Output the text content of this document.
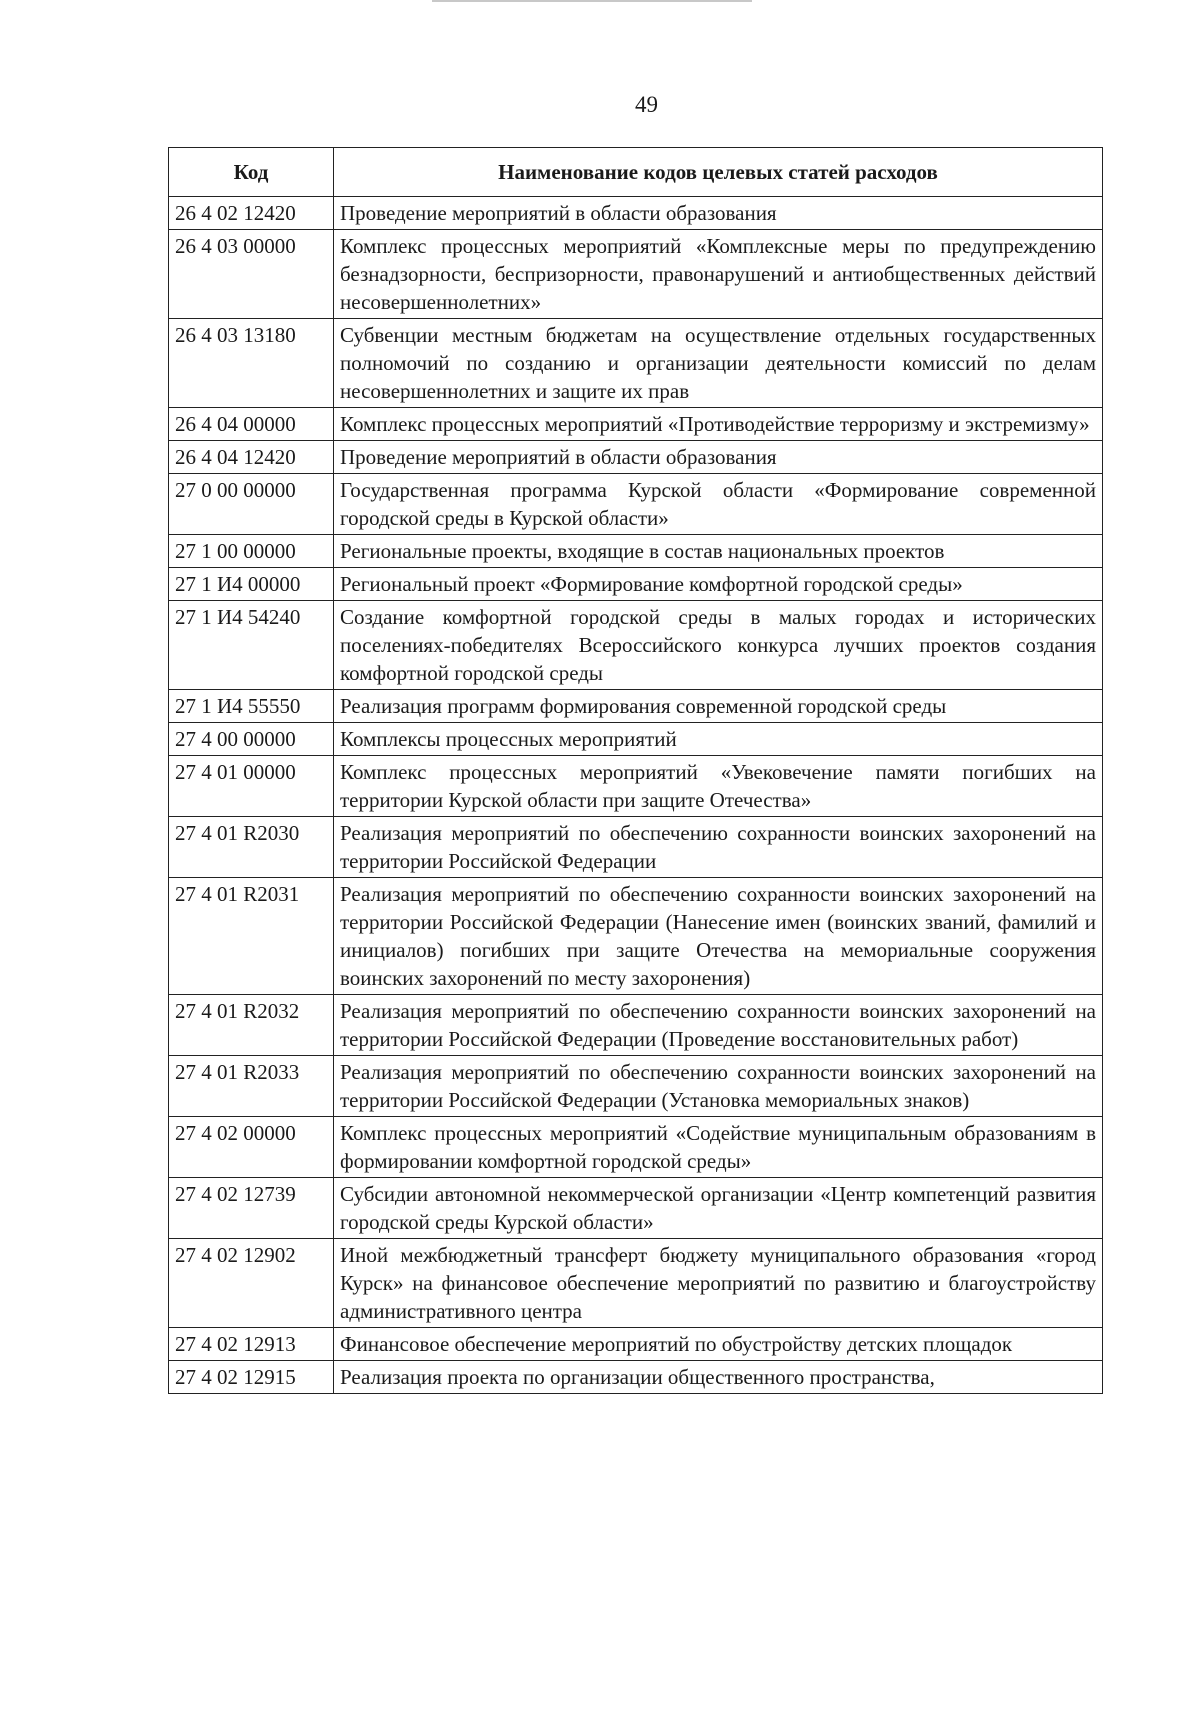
49
Код	Наименование кодов целевых статей расходов
26 4 02 12420	Проведение мероприятий в области образования
26 4 03 00000	Комплекс процессных мероприятий «Комплексные меры по предупреждению безнадзорности, беспризорности, правонарушений и антиобщественных действий несовершеннолетних»
26 4 03 13180	Субвенции местным бюджетам на осуществление отдельных государственных полномочий по созданию и организации деятельности комиссий по делам несовершеннолетних и защите их прав
26 4 04 00000	Комплекс процессных мероприятий «Противодействие терроризму и экстремизму»
26 4 04 12420	Проведение мероприятий в области образования
27 0 00 00000	Государственная программа Курской области «Формирование современной городской среды в Курской области»
27 1 00 00000	Региональные проекты, входящие в состав национальных проектов
27 1 И4 00000	Региональный проект «Формирование комфортной городской среды»
27 1 И4 54240	Создание комфортной городской среды в малых городах и исторических поселениях-победителях Всероссийского конкурса лучших проектов создания комфортной городской среды
27 1 И4 55550	Реализация программ формирования современной городской среды
27 4 00 00000	Комплексы процессных мероприятий
27 4 01 00000	Комплекс процессных мероприятий «Увековечение памяти погибших на территории Курской области при защите Отечества»
27 4 01 R2030	Реализация мероприятий по обеспечению сохранности воинских захоронений на территории Российской Федерации
27 4 01 R2031	Реализация мероприятий по обеспечению сохранности воинских захоронений на территории Российской Федерации (Нанесение имен (воинских званий, фамилий и инициалов) погибших при защите Отечества на мемориальные сооружения воинских захоронений по месту захоронения)
27 4 01 R2032	Реализация мероприятий по обеспечению сохранности воинских захоронений на территории Российской Федерации (Проведение восстановительных работ)
27 4 01 R2033	Реализация мероприятий по обеспечению сохранности воинских захоронений на территории Российской Федерации (Установка мемориальных знаков)
27 4 02 00000	Комплекс процессных мероприятий «Содействие муниципальным образованиям в формировании комфортной городской среды»
27 4 02 12739	Субсидии автономной некоммерческой организации «Центр компетенций развития городской среды Курской области»
27 4 02 12902	Иной межбюджетный трансферт бюджету муниципального образования «город Курск» на финансовое обеспечение мероприятий по развитию и благоустройству административного центра
27 4 02 12913	Финансовое обеспечение мероприятий по обустройству детских площадок
27 4 02 12915	Реализация проекта по организации общественного пространства,
